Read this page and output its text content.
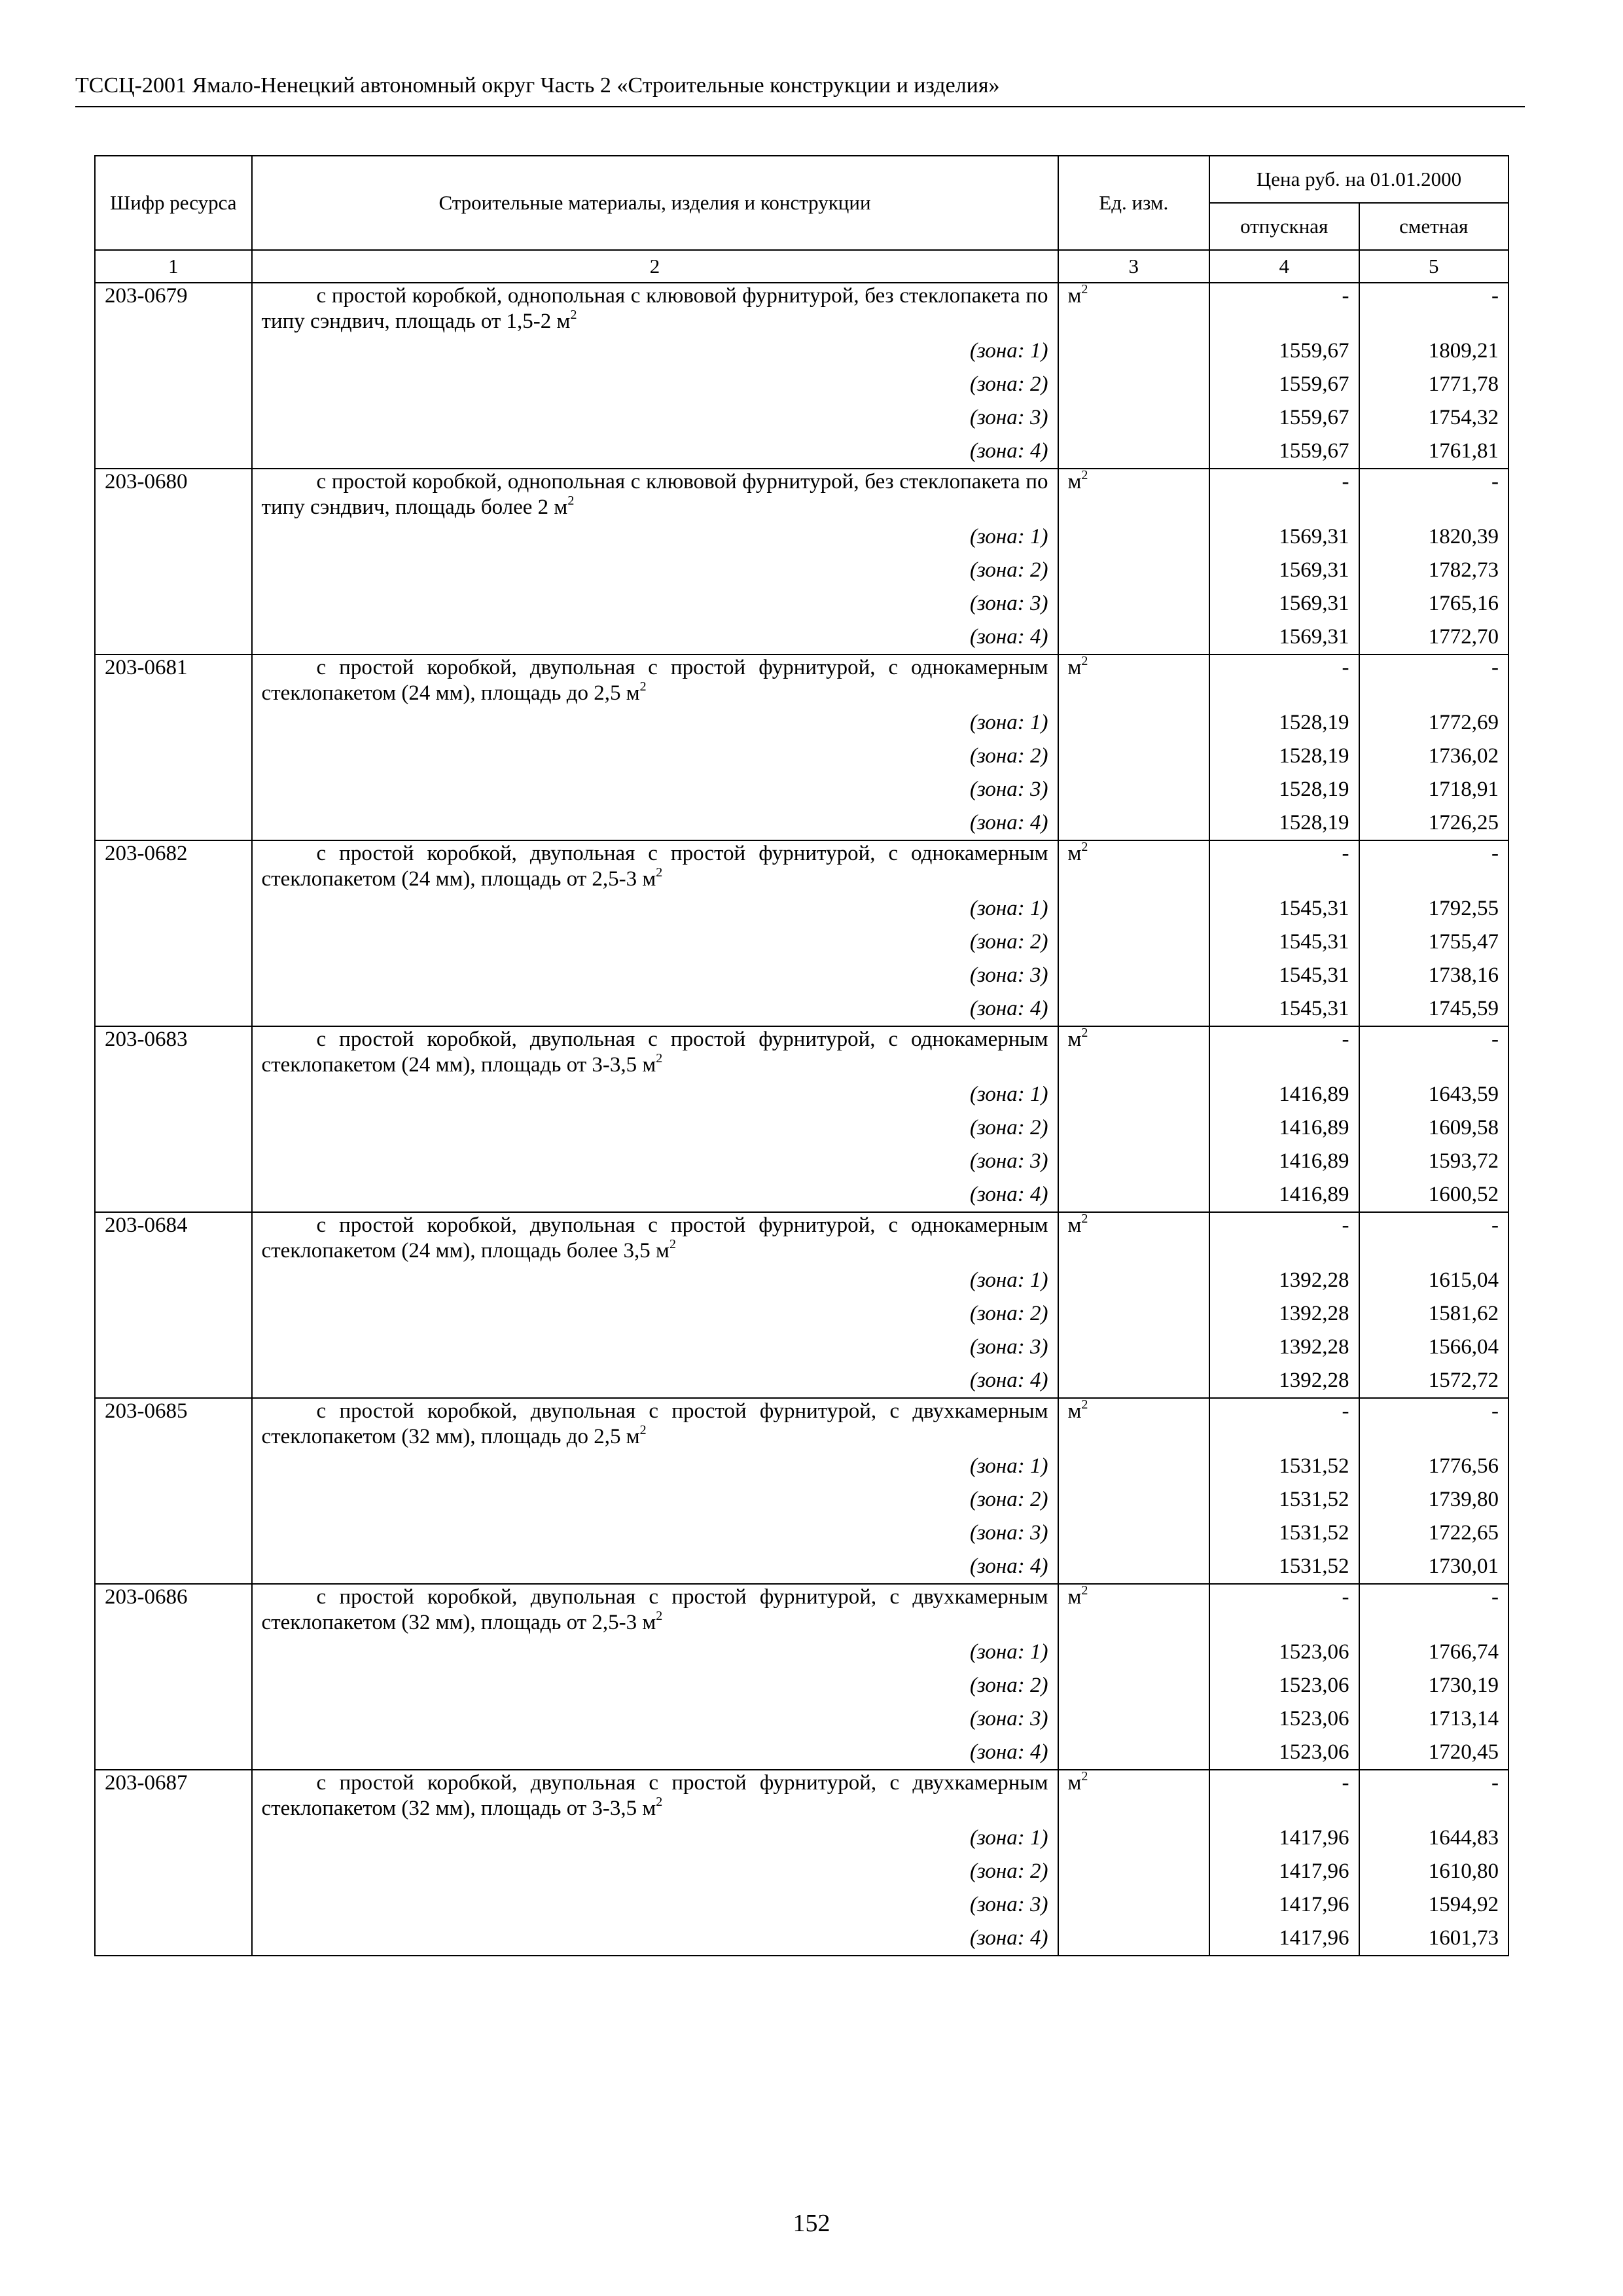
ТССЦ-2001 Ямало-Ненецкий автономный округ Часть 2 «Строительные конструкции и изделия»
Шифр ресурса	Строительные материалы, изделия и конструкции	Ед. изм.	Цена руб. на 01.01.2000	
			отпускная	сметная
1	2	3	4	5
203-0679	с простой коробкой, однопольная с клювовой фурнитурой, без стеклопакета по типу сэндвич, площадь от 1,5-2 $м^2$	$м^2$	-	-
	(зона: 1)		1559,67	1809,21
	(зона: 2)		1559,67	1771,78
	(зона: 3)		1559,67	1754,32
	(зона: 4)		1559,67	1761,81
203-0680	с простой коробкой, однопольная с клювовой фурнитурой, без стеклопакета по типу сэндвич, площадь более 2 $м^2$	$м^2$	-	-
	(зона: 1)		1569,31	1820,39
	(зона: 2)		1569,31	1782,73
	(зона: 3)		1569,31	1765,16
	(зона: 4)		1569,31	1772,70
203-0681	с простой коробкой, двупольная с простой фурнитурой, с однокамерным стеклопакетом (24 мм), площадь до 2,5 $м^2$	$м^2$	-	-
	(зона: 1)		1528,19	1772,69
	(зона: 2)		1528,19	1736,02
	(зона: 3)		1528,19	1718,91
	(зона: 4)		1528,19	1726,25
203-0682	с простой коробкой, двупольная с простой фурнитурой, с однокамерным стеклопакетом (24 мм), площадь от 2,5-3 $м^2$	$м^2$	-	-
	(зона: 1)		1545,31	1792,55
	(зона: 2)		1545,31	1755,47
	(зона: 3)		1545,31	1738,16
	(зона: 4)		1545,31	1745,59
203-0683	с простой коробкой, двупольная с простой фурнитурой, с однокамерным стеклопакетом (24 мм), площадь от 3-3,5 $м^2$	$м^2$	-	-
	(зона: 1)		1416,89	1643,59
	(зона: 2)		1416,89	1609,58
	(зона: 3)		1416,89	1593,72
	(зона: 4)		1416,89	1600,52
203-0684	с простой коробкой, двупольная с простой фурнитурой, с однокамерным стеклопакетом (24 мм), площадь более 3,5 $м^2$	$м^2$	-	-
	(зона: 1)		1392,28	1615,04
	(зона: 2)		1392,28	1581,62
	(зона: 3)		1392,28	1566,04
	(зона: 4)		1392,28	1572,72
203-0685	с простой коробкой, двупольная с простой фурнитурой, с двухкамерным стеклопакетом (32 мм), площадь до 2,5 $м^2$	$м^2$	-	-
	(зона: 1)		1531,52	1776,56
	(зона: 2)		1531,52	1739,80
	(зона: 3)		1531,52	1722,65
	(зона: 4)		1531,52	1730,01
203-0686	с простой коробкой, двупольная с простой фурнитурой, с двухкамерным стеклопакетом (32 мм), площадь от 2,5-3 $м^2$	$м^2$	-	-
	(зона: 1)		1523,06	1766,74
	(зона: 2)		1523,06	1730,19
	(зона: 3)		1523,06	1713,14
	(зона: 4)		1523,06	1720,45
203-0687	с простой коробкой, двупольная с простой фурнитурой, с двухкамерным стеклопакетом (32 мм), площадь от 3-3,5 $м^2$	$м^2$	-	-
	(зона: 1)		1417,96	1644,83
	(зона: 2)		1417,96	1610,80
	(зона: 3)		1417,96	1594,92
	(зона: 4)		1417,96	1601,73
152
